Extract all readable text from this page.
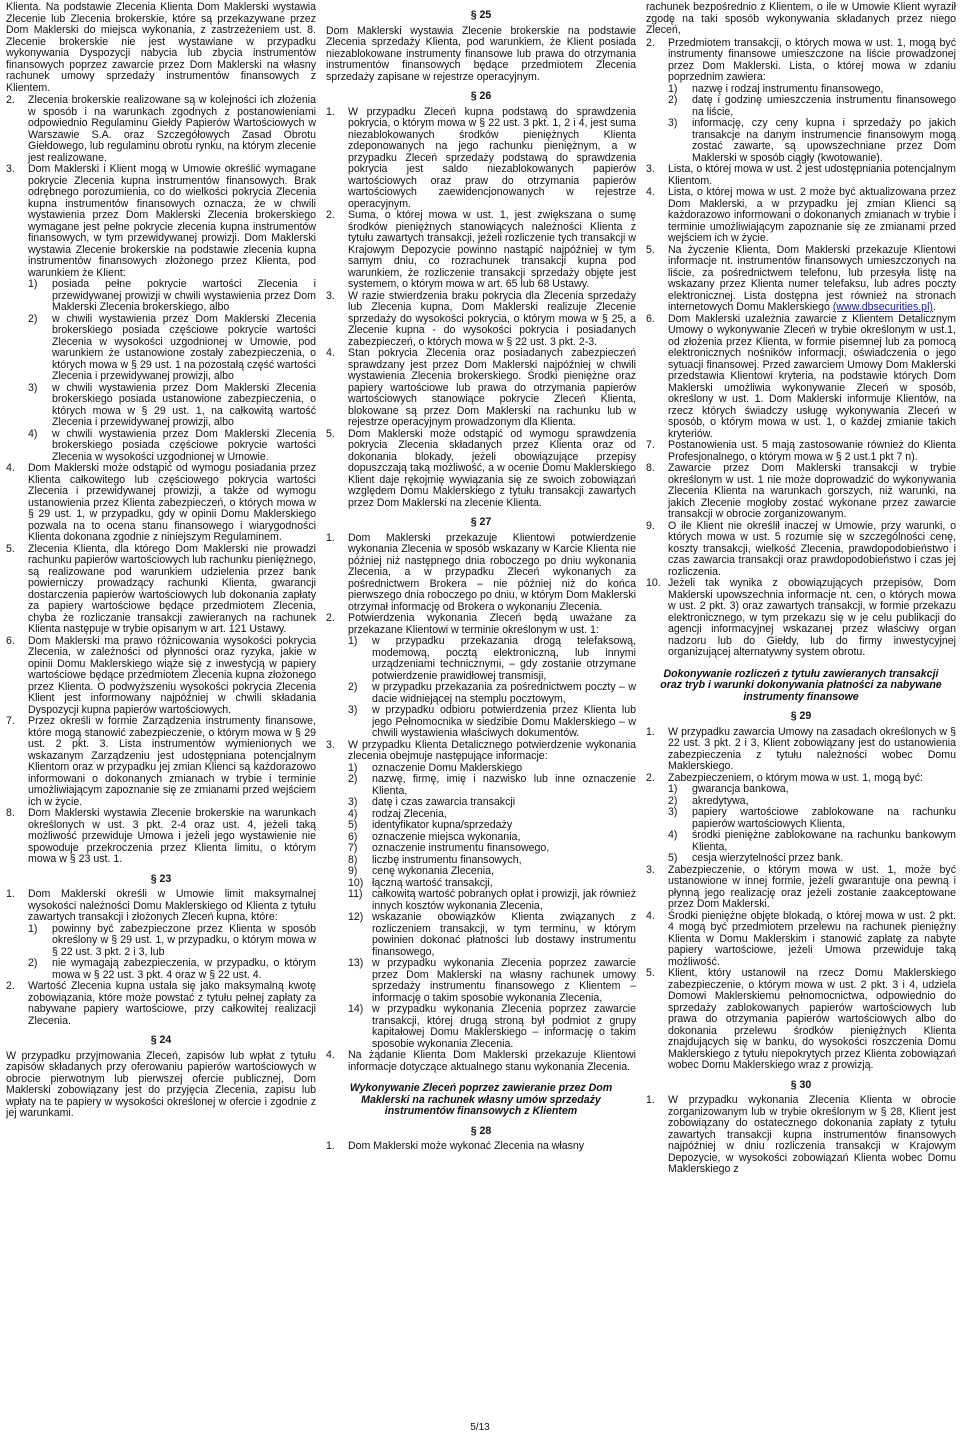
Klienta. Na podstawie Zlecenia Klienta Dom Maklerski wystawia Zlecenie lub Zlecenia brokerskie, które są przekazywane przez Dom Maklerski do miejsca wykonania, z zastrzeżeniem ust. 8. Zlecenie brokerskie nie jest wystawiane w przypadku wykonywania Dyspozycji nabycia lub zbycia instrumentów finansowych poprzez zawarcie przez Dom Maklerski na własny rachunek umowy sprzedaży instrumentów finansowych z Klientem.

2.	Zlecenia brokerskie realizowane są w kolejności ich złożenia w sposób i na warunkach zgodnych z postanowieniami odpowiednio Regulaminu Giełdy Papierów Wartościowych w Warszawie S.A. oraz Szczegółowych Zasad Obrotu Giełdowego, lub regulaminu obrotu rynku, na którym zlecenie jest realizowane.
3.	Dom Maklerski i Klient mogą w Umowie określić wymagane pokrycie Zlecenia kupna instrumentów finansowych. Brak odrębnego porozumienia, co do wielkości pokrycia Zlecenia kupna instrumentów finansowych oznacza, że w chwili wystawienia przez Dom Maklerski Zlecenia brokerskiego wymagane jest pełne pokrycie zlecenia kupna instrumentów finansowych, w tym przewidywanej prowizji. Dom Maklerski wystawia Zlecenie brokerskie na podstawie zlecenia kupna instrumentów finansowych złożonego przez Klienta, pod warunkiem że Klient:
1)	posiada pełne pokrycie wartości Zlecenia i przewidywanej prowizji w chwili wystawienia przez Dom Maklerski Zlecenia brokerskiego, albo
2)	w chwili wystawienia przez Dom Maklerski Zlecenia brokerskiego posiada częściowe pokrycie wartości Zlecenia w wysokości uzgodnionej w Umowie, pod warunkiem że ustanowione zostały zabezpieczenia, o których mowa w § 29 ust. 1 na pozostałą część wartości Zlecenia i przewidywanej prowizji, albo
3)	w chwili wystawienia przez Dom Maklerski Zlecenia brokerskiego posiada ustanowione zabezpieczenia, o których mowa w § 29 ust. 1, na całkowitą wartość Zlecenia i przewidywanej prowizji, albo
4)	w chwili wystawienia przez Dom Maklerski Zlecenia brokerskiego posiada częściowe pokrycie wartości Zlecenia w wysokości uzgodnionej w Umowie.
4.	Dom Maklerski może odstąpić od wymogu posiadania przez Klienta całkowitego lub częściowego pokrycia wartości Zlecenia i przewidywanej prowizji, a także od wymogu ustanowienia przez Klienta zabezpieczeń, o których mowa w § 29 ust. 1, w przypadku, gdy w opinii Domu Maklerskiego pozwala na to ocena stanu finansowego i wiarygodności Klienta dokonana zgodnie z niniejszym Regulaminem.
5.	Zlecenia Klienta, dla którego Dom Maklerski nie prowadzi rachunku papierów wartościowych lub rachunku pieniężnego, są realizowane pod warunkiem udzielenia przez bank powierniczy prowadzący rachunki Klienta, gwarancji dostarczenia papierów wartościowych lub dokonania zapłaty za papiery wartościowe będące przedmiotem Zlecenia, chyba że rozliczanie transakcji zawieranych na rachunek Klienta następuje w trybie opisanym w art. 121 Ustawy.
6.	Dom Maklerski ma prawo różnicowania wysokości pokrycia Zlecenia, w zależności od płynności oraz ryzyka, jakie w opinii Domu Maklerskiego wiąże się z inwestycją w papiery wartościowe będące przedmiotem Zlecenia kupna złożonego przez Klienta. O podwyższeniu wysokości pokrycia Zlecenia Klient jest informowany najpóźniej w chwili składania Dyspozycji kupna papierów wartościowych.
7.	Przez określi w formie Zarządzenia instrumenty finansowe, które mogą stanowić zabezpieczenie, o którym mowa w § 29 ust. 2 pkt. 3. Lista instrumentów wymienionych we wskazanym Zarządzeniu jest udostępniana potencjalnym Klientom oraz w przypadku jej zmian Klienci są każdorazowo informowani o dokonanych zmianach w trybie i terminie umożliwiającym zapoznanie się ze zmianami przed wejściem ich w życie.
8.	Dom Maklerski wystawia Zlecenie brokerskie na warunkach określonych w ust. 3 pkt. 2-4 oraz ust. 4, jeżeli taką możliwość przewiduje Umowa i jeżeli jego wystawienie nie spowoduje przekroczenia przez Klienta limitu, o którym mowa w § 23 ust. 1.
§ 23
1.	Dom Maklerski określi w Umowie limit maksymalnej wysokości należności Domu Maklerskiego od Klienta z tytułu zawartych transakcji i złożonych Zleceń kupna, które:
1)	powinny być zabezpieczone przez Klienta w sposób określony w § 29 ust. 1, w przypadku, o którym mowa w § 22 ust. 3 pkt. 2 i 3, lub
2)	nie wymagają zabezpieczenia, w przypadku, o którym mowa w § 22 ust. 3 pkt. 4 oraz w § 22 ust. 4.
2.	Wartość Zlecenia kupna ustala się jako maksymalną kwotę zobowiązania, które może powstać z tytułu pełnej zapłaty za nabywane papiery wartościowe, przy całkowitej realizacji Zlecenia.
§ 24

W przypadku przyjmowania Zleceń, zapisów lub wpłat z tytułu zapisów składanych przy oferowaniu papierów wartościowych w obrocie pierwotnym lub pierwszej ofercie publicznej, Dom Maklerski zobowiązany jest do przyjęcia Zlecenia, zapisu lub wpłaty na te papiery w wysokości określonej w ofercie i zgodnie z jej warunkami.

§ 25

Dom Maklerski wystawia Zlecenie brokerskie na podstawie Zlecenia sprzedaży Klienta, pod warunkiem, że Klient posiada niezablokowane instrumenty finansowe lub prawa do otrzymania instrumentów finansowych będące przedmiotem Zlecenia sprzedaży zapisane w rejestrze operacyjnym.

§ 26
1.	W przypadku Zleceń kupna podstawą do sprawdzenia pokrycia, o którym mowa w § 22 ust. 3 pkt. 1, 2 i 4, jest suma niezablokowanych środków pieniężnych Klienta zdeponowanych na jego rachunku pieniężnym, a w przypadku Zleceń sprzedaży podstawą do sprawdzenia pokrycia jest saldo niezablokowanych papierów wartościowych oraz praw do otrzymania papierów wartościowych zaewidencjonowanych w rejestrze operacyjnym.
2.	Suma, o której mowa w ust. 1, jest zwiększana o sumę środków pieniężnych stanowiących należności Klienta z tytułu zawartych transakcji, jeżeli rozliczenie tych transakcji w Krajowym Depozycie powinno nastąpić najpóźniej w tym samym dniu, co rozrachunek transakcji kupna pod warunkiem, że rozliczenie transakcji sprzedaży objęte jest systemem, o którym mowa w art. 65 lub 68 Ustawy.
3.	W razie stwierdzenia braku pokrycia dla Zlecenia sprzedaży lub Zlecenia kupna, Dom Maklerski realizuje Zlecenie sprzedaży do wysokości pokrycia, o którym mowa w § 25, a Zlecenie kupna - do wysokości pokrycia i posiadanych zabezpieczeń, o których mowa w § 22 ust. 3 pkt. 2-3.
4.	Stan pokrycia Zlecenia oraz posiadanych zabezpieczeń sprawdzany jest przez Dom Maklerski najpóźniej w chwili wystawienia Zlecenia brokerskiego. Środki pieniężne oraz papiery wartościowe lub prawa do otrzymania papierów wartościowych stanowiące pokrycie Zleceń Klienta, blokowane są przez Dom Maklerski na rachunku lub w rejestrze operacyjnym prowadzonym dla Klienta.
5.	Dom Maklerski może odstąpić od wymogu sprawdzenia pokrycia Zlecenia składanych przez Klienta oraz od dokonania blokady, jeżeli obowiązujące przepisy dopuszczają taką możliwość, a w ocenie Domu Maklerskiego Klient daje rękojmię wywiązania się ze swoich zobowiązań względem Domu Maklerskiego z tytułu transakcji zawartych przez Dom Maklerski na zlecenie Klienta.
§ 27
1.	Dom Maklerski przekazuje Klientowi potwierdzenie wykonania Zlecenia w sposób wskazany w Karcie Klienta nie później niż następnego dnia roboczego po dniu wykonania Zlecenia, a w przypadku Zleceń wykonanych za pośrednictwem Brokera – nie później niż do końca pierwszego dnia roboczego po dniu, w którym Dom Maklerski otrzymał informację od Brokera o wykonaniu Zlecenia.
2.	Potwierdzenia wykonania Zleceń będą uważane za przekazane Klientowi w terminie określonym w ust. 1:
1)	w przypadku przekazania drogą telefaksową, modemową, pocztą elektroniczną, lub innymi urządzeniami technicznymi, – gdy zostanie otrzymane potwierdzenie prawidłowej transmisji,
2)	w przypadku przekazania za pośrednictwem poczty – w dacie widniejącej na stemplu pocztowym,
3)	w przypadku odbioru potwierdzenia przez Klienta lub jego Pełnomocnika w siedzibie Domu Maklerskiego – w chwili wystawienia właściwych dokumentów.
3.	W przypadku Klienta Detalicznego potwierdzenie wykonania zlecenia obejmuje następujące informacje:
1)	oznaczenie Domu Maklerskiego
2)	nazwę, firmę, imię i nazwisko lub inne oznaczenie Klienta,
3)	datę i czas zawarcia transakcji
4)	rodzaj Zlecenia,
5)	identyfikator kupna/sprzedaży
6)	oznaczenie miejsca wykonania,
7)	oznaczenie instrumentu finansowego,
8)	liczbę instrumentu finansowych,
9)	cenę wykonania Zlecenia,
10) łączną wartość transakcji,
11) całkowitą wartość pobranych opłat i prowizji, jak również innych kosztów wykonania Zlecenia,
12) wskazanie obowiązków Klienta związanych z rozliczeniem transakcji, w tym terminu, w którym powinien dokonać płatności lub dostawy instrumentu finansowego,
13) w przypadku wykonania Zlecenia poprzez zawarcie przez Dom Maklerski na własny rachunek umowy sprzedaży instrumentu finansowego z Klientem – informację o takim sposobie wykonania Zlecenia,
14) w przypadku wykonania Zlecenia poprzez zawarcie transakcji, której drugą stroną był podmiot z grupy kapitałowej Domu Maklerskiego – informację o takim sposobie wykonania Zlecenia.
4.	Na żądanie Klienta Dom Maklerski przekazuje Klientowi informacje dotyczące aktualnego stanu wykonania Zlecenia.
Wykonywanie Zleceń poprzez zawieranie przez Dom Maklerski na rachunek własny umów sprzedaży instrumentów finansowych z Klientem
§ 28
1.	Dom Maklerski może wykonać Zlecenia na własny

rachunek bezpośrednio z Klientem, o ile w Umowie Klient wyraził zgodę na taki sposób wykonywania składanych przez niego Zleceń,

2.	Przedmiotem transakcji, o których mowa w ust. 1, mogą być instrumenty finansowe umieszczone na liście prowadzonej przez Dom Maklerski. Lista, o której mowa w zdaniu poprzednim zawiera:
1)	nazwę i rodzaj instrumentu finansowego,
2)	datę i godzinę umieszczenia instrumentu finansowego na liście,
3)	informację, czy ceny kupna i sprzedaży po jakich transakcje na danym instrumencie finansowym mogą zostać zawarte, są upowszechniane przez Dom Maklerski w sposób ciągły (kwotowanie).
3.	Lista, o której mowa w ust. 2 jest udostępniania potencjalnym Klientom.
4.	Lista, o której mowa w ust. 2 może być aktualizowana przez Dom Maklerski, a w przypadku jej zmian Klienci są każdorazowo informowani o dokonanych zmianach w trybie i terminie umożliwiającym zapoznanie się ze zmianami przed wejściem ich w życie.
5.	Na życzenie Klienta, Dom Maklerski przekazuje Klientowi informacje nt. instrumentów finansowych umieszczonych na liście, za pośrednictwem telefonu, lub przesyła listę na wskazany przez Klienta numer telefaksu, lub adres poczty elektronicznej. Lista dostępna jest również na stronach internetowych Domu Maklerskiego (www.dbsecurities.pl).
6.	Dom Maklerski uzależnia zawarcie z Klientem Detalicznym Umowy o wykonywanie Zleceń w trybie określonym w ust.1, od złożenia przez Klienta, w formie pisemnej lub za pomocą elektronicznych nośników informacji, oświadczenia o jego sytuacji finansowej. Przed zawarciem Umowy Dom Maklerski przedstawia Klientowi kryteria, na podstawie których Dom Maklerski umożliwia wykonywanie Zleceń w sposób, określony w ust. 1. Dom Maklerski informuje Klientów, na rzecz których świadczy usługę wykonywania Zleceń w sposób, o którym mowa w ust. 1, o każdej zmianie takich kryteriów.
7.	Postanowienia ust. 5 mają zastosowanie również do Klienta Profesjonalnego, o którym mowa w § 2 ust.1 pkt 7 n).
8.	Zawarcie przez Dom Maklerski transakcji w trybie określonym w ust. 1 nie może doprowadzić do wykonywania Zlecenia Klienta na warunkach gorszych, niż warunki, na jakich Zlecenie mogłoby zostać wykonane przez zawarcie transakcji w obrocie zorganizowanym.
9.	O ile Klient nie określił inaczej w Umowie, przy warunki, o których mowa w ust. 5 rozumie się w szczególności cenę, koszty transakcji, wielkość Zlecenia, prawdopodobieństwo i czas zawarcia transakcji oraz prawdopodobieństwo i czas jej rozliczenia.
10. Jeżeli tak wynika z obowiązujących przepisów, Dom Maklerski upowszechnia informacje nt. cen, o których mowa w ust. 2 pkt. 3) oraz zawartych transakcji, w formie przekazu elektronicznego, w tym przekazu się w je celu publikacji do agencji informacyjnej wskazanej przez właściwy organ nadzoru lub do Giełdy, lub do firmy inwestycyjnej organizującej alternatywny system obrotu.
Dokonywanie rozliczeń z tytułu zawieranych transakcji oraz tryb i warunki dokonywania płatności za nabywane instrumenty finansowe
§ 29
1.	W przypadku zawarcia Umowy na zasadach określonych w § 22 ust. 3 pkt. 2 i 3, Klient zobowiązany jest do ustanowienia zabezpieczenia z tytułu należności wobec Domu Maklerskiego.
2.	Zabezpieczeniem, o którym mowa w ust. 1, mogą być:
1)	gwarancja bankowa,
2)	akredytywa,
3)	papiery wartościowe zablokowane na rachunku papierów wartościowych Klienta,
4)	środki pieniężne zablokowane na rachunku bankowym Klienta,
5)	cesja wierzytelności przez bank.
3.	Zabezpieczenie, o którym mowa w ust. 1, może być ustanowione w innej formie, jeżeli gwarantuje ona pewną i płynną jego realizację oraz jeżeli zostanie zaakceptowane przez Dom Maklerski.
4.	Środki pieniężne objęte blokadą, o której mowa w ust. 2 pkt. 4 mogą być przedmiotem przelewu na rachunek pieniężny Klienta w Domu Maklerskim i stanowić zapłatę za nabyte papiery wartościowe, jeżeli Umowa przewiduje taką możliwość.
5.	Klient, który ustanowił na rzecz Domu Maklerskiego zabezpieczenie, o którym mowa w ust. 2 pkt. 3 i 4, udziela Domowi Maklerskiemu pełnomocnictwa, odpowiednio do sprzedaży zablokowanych papierów wartościowych lub prawa do otrzymania papierów wartościowych albo do dokonania przelewu środków pieniężnych Klienta znajdujących się w banku, do wysokości roszczenia Domu Maklerskiego z tytułu niepokrytych przez Klienta zobowiązań wobec Domu Maklerskiego wraz z prowizją.
§ 30
1.	W przypadku wykonania Zlecenia Klienta w obrocie zorganizowanym lub w trybie określonym w § 28, Klient jest zobowiązany do ostatecznego dokonania zapłaty z tytułu zawartych transakcji kupna instrumentów finansowych najpóźniej w dniu rozliczenia transakcji w Krajowym Depozycie, w wysokości zobowiązań Klienta wobec Domu Maklerskiego z
5/13
